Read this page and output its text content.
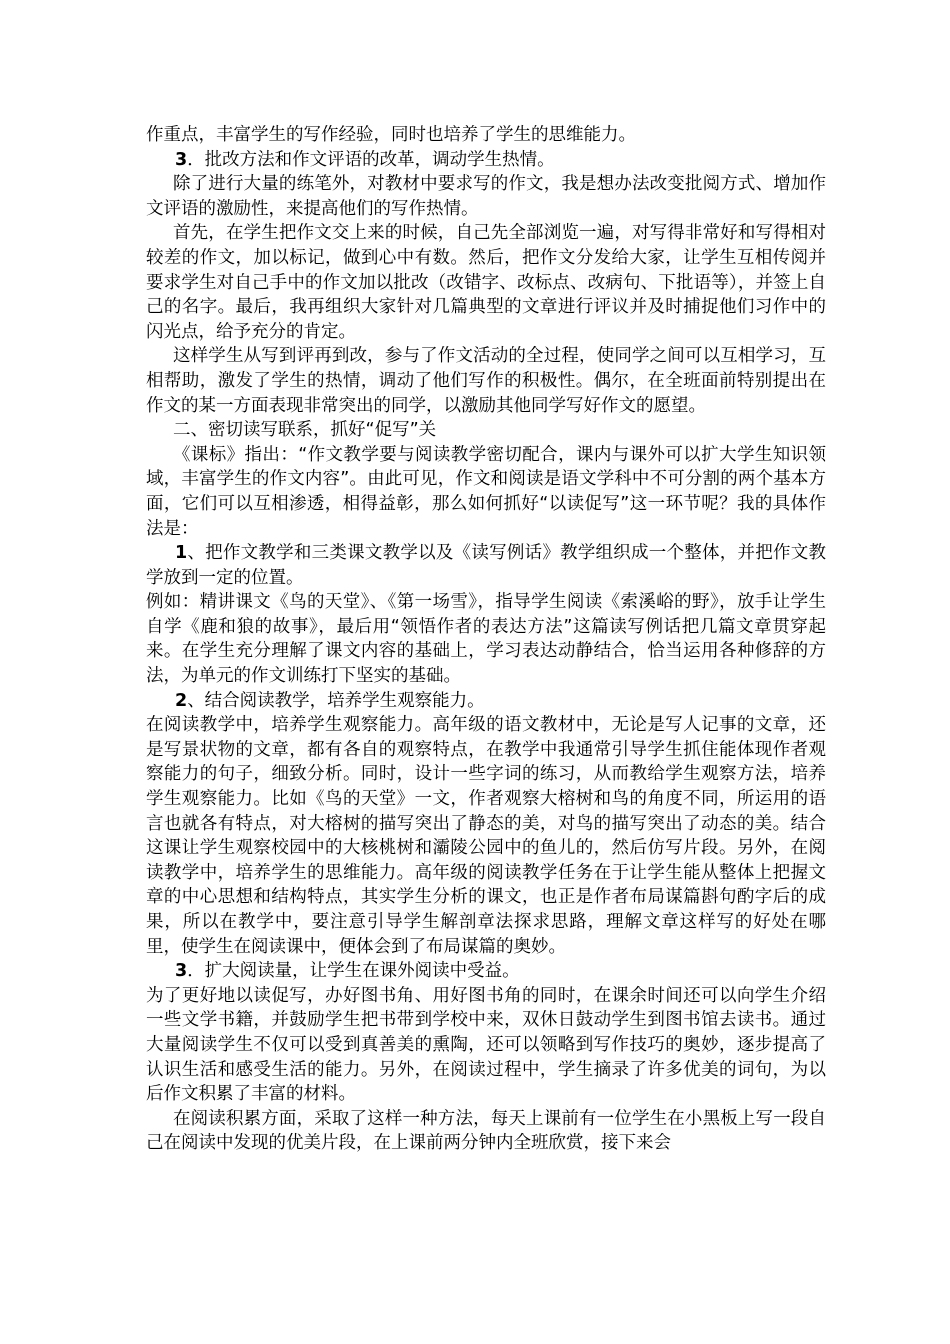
作重点，丰富学生的写作经验，同时也培养了学生的思维能力。

3．批改方法和作文评语的改革，调动学生热情。

除了进行大量的练笔外，对教材中要求写的作文，我是想办法改变批阅方式、增加作文评语的激励性，来提高他们的写作热情。

首先，在学生把作文交上来的时候，自己先全部浏览一遍，对写得非常好和写得相对较差的作文，加以标记，做到心中有数。然后，把作文分发给大家，让学生互相传阅并要求学生对自己手中的作文加以批改（改错字、改标点、改病句、下批语等），并签上自己的名字。最后，我再组织大家针对几篇典型的文章进行评议并及时捕捉他们习作中的闪光点，给予充分的肯定。

这样学生从写到评再到改，参与了作文活动的全过程，使同学之间可以互相学习，互相帮助，激发了学生的热情，调动了他们写作的积极性。偶尔，在全班面前特别提出在作文的某一方面表现非常突出的同学，以激励其他同学写好作文的愿望。

二、密切读写联系，抓好“促写”关

《课标》指出：“作文教学要与阅读教学密切配合，课内与课外可以扩大学生知识领域，丰富学生的作文内容”。由此可见，作文和阅读是语文学科中不可分割的两个基本方面，它们可以互相渗透，相得益彰，那么如何抓好“以读促写”这一环节呢？我的具体作法是：

1、把作文教学和三类课文教学以及《读写例话》教学组织成一个整体，并把作文教学放到一定的位置。

例如：精讲课文《鸟的天堂》、《第一场雪》，指导学生阅读《索溪峪的野》，放手让学生自学《鹿和狼的故事》，最后用“领悟作者的表达方法”这篇读写例话把几篇文章贯穿起来。在学生充分理解了课文内容的基础上，学习表达动静结合，恰当运用各种修辞的方法，为单元的作文训练打下坚实的基础。

2、结合阅读教学，培养学生观察能力。

在阅读教学中，培养学生观察能力。高年级的语文教材中，无论是写人记事的文章，还是写景状物的文章，都有各自的观察特点，在教学中我通常引导学生抓住能体现作者观察能力的句子，细致分析。同时，设计一些字词的练习，从而教给学生观察方法，培养学生观察能力。比如《鸟的天堂》一文，作者观察大榕树和鸟的角度不同，所运用的语言也就各有特点，对大榕树的描写突出了静态的美，对鸟的描写突出了动态的美。结合这课让学生观察校园中的大核桃树和灞陵公园中的鱼儿的，然后仿写片段。另外，在阅读教学中，培养学生的思维能力。高年级的阅读教学任务在于让学生能从整体上把握文章的中心思想和结构特点，其实学生分析的课文，也正是作者布局谋篇斟句酌字后的成果，所以在教学中，要注意引导学生解剖章法探求思路，理解文章这样写的好处在哪里，使学生在阅读课中，便体会到了布局谋篇的奥妙。

3．扩大阅读量，让学生在课外阅读中受益。

为了更好地以读促写，办好图书角、用好图书角的同时，在课余时间还可以向学生介绍一些文学书籍，并鼓励学生把书带到学校中来，双休日鼓动学生到图书馆去读书。通过大量阅读学生不仅可以受到真善美的熏陶，还可以领略到写作技巧的奥妙，逐步提高了认识生活和感受生活的能力。另外，在阅读过程中，学生摘录了许多优美的词句，为以后作文积累了丰富的材料。

在阅读积累方面，采取了这样一种方法，每天上课前有一位学生在小黑板上写一段自己在阅读中发现的优美片段，在上课前两分钟内全班欣赏，接下来会
